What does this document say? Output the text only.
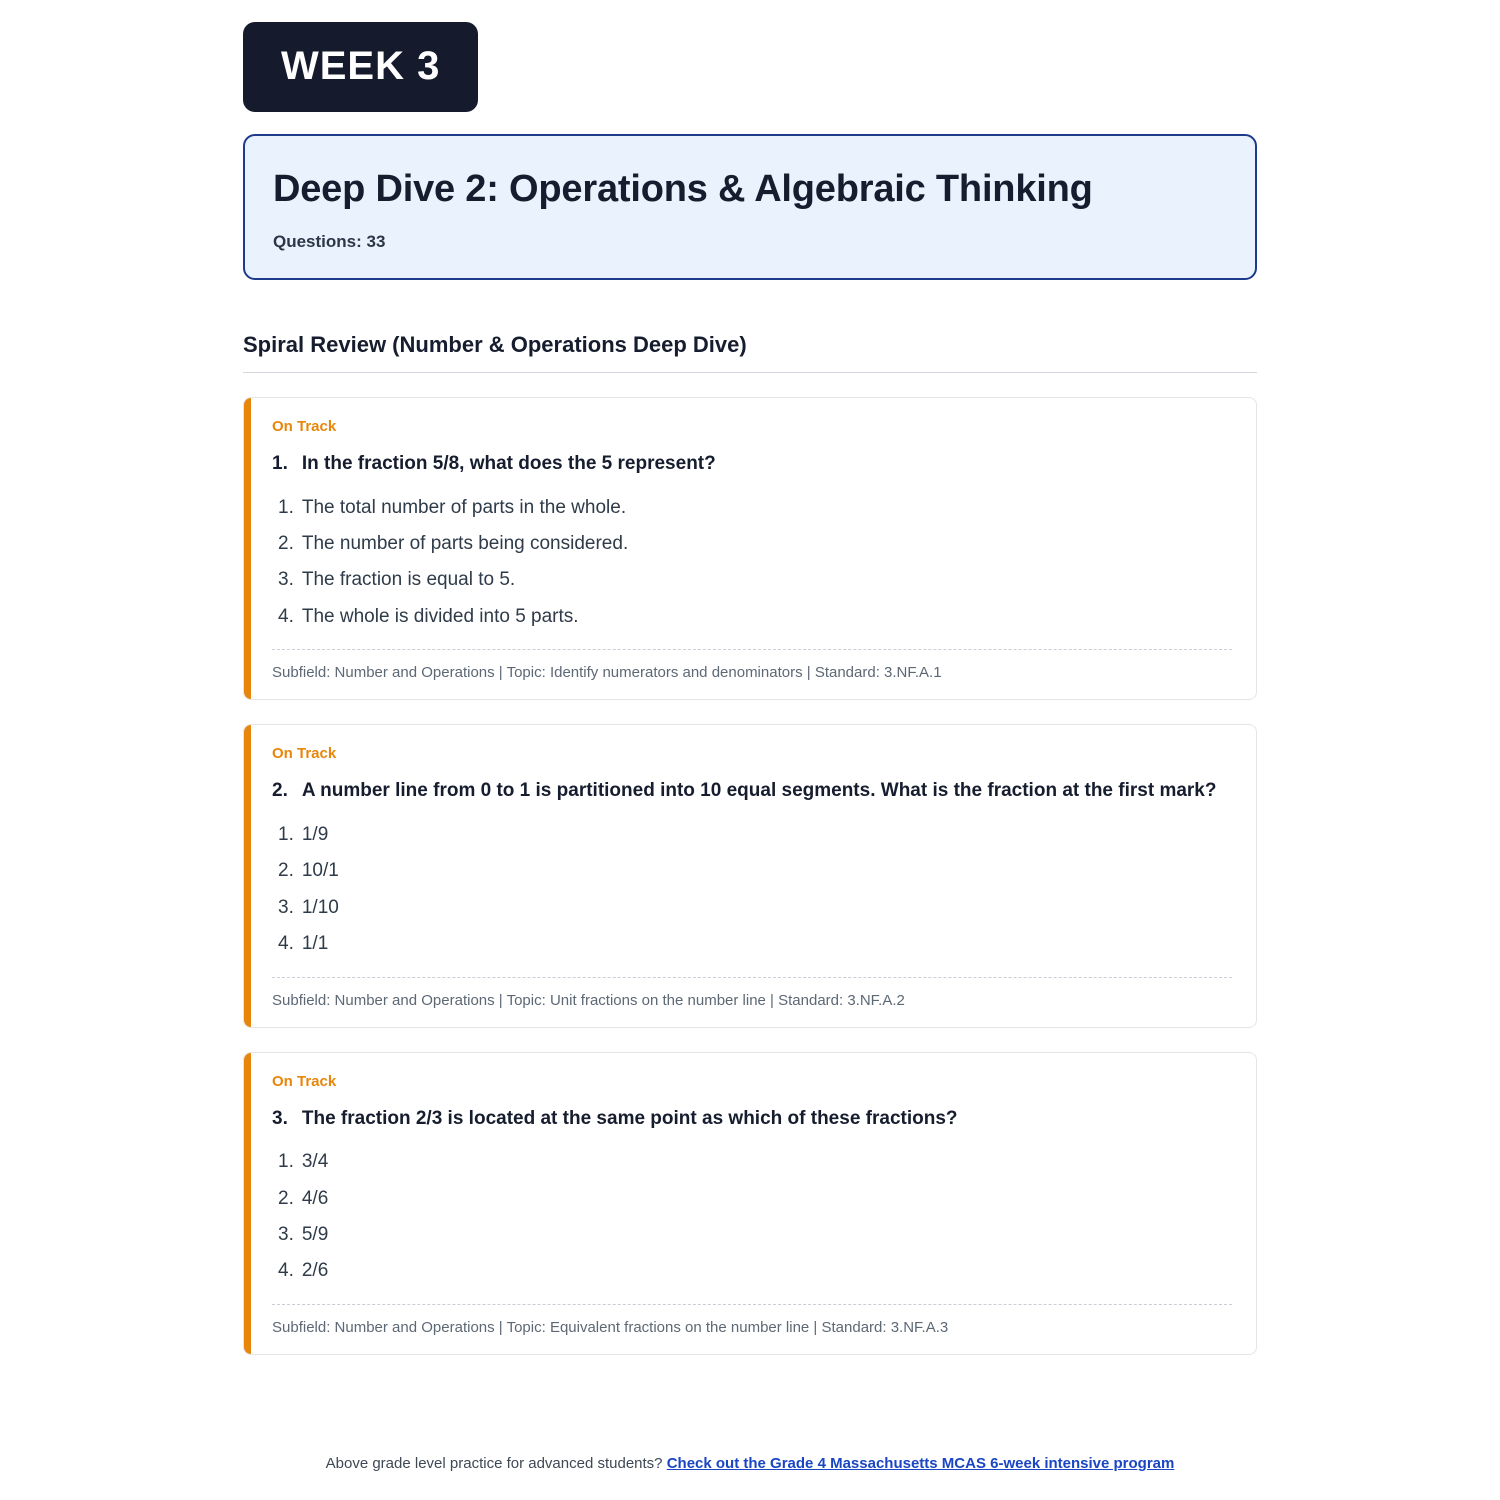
WEEK 3
Deep Dive 2: Operations & Algebraic Thinking
Questions: 33
Spiral Review (Number & Operations Deep Dive)
On Track
1. In the fraction 5/8, what does the 5 represent?
1. The total number of parts in the whole.
2. The number of parts being considered.
3. The fraction is equal to 5.
4. The whole is divided into 5 parts.
Subfield: Number and Operations | Topic: Identify numerators and denominators | Standard: 3.NF.A.1
On Track
2. A number line from 0 to 1 is partitioned into 10 equal segments. What is the fraction at the first mark?
1. 1/9
2. 10/1
3. 1/10
4. 1/1
Subfield: Number and Operations | Topic: Unit fractions on the number line | Standard: 3.NF.A.2
On Track
3. The fraction 2/3 is located at the same point as which of these fractions?
1. 3/4
2. 4/6
3. 5/9
4. 2/6
Subfield: Number and Operations | Topic: Equivalent fractions on the number line | Standard: 3.NF.A.3
Above grade level practice for advanced students? Check out the Grade 4 Massachusetts MCAS 6-week intensive program
